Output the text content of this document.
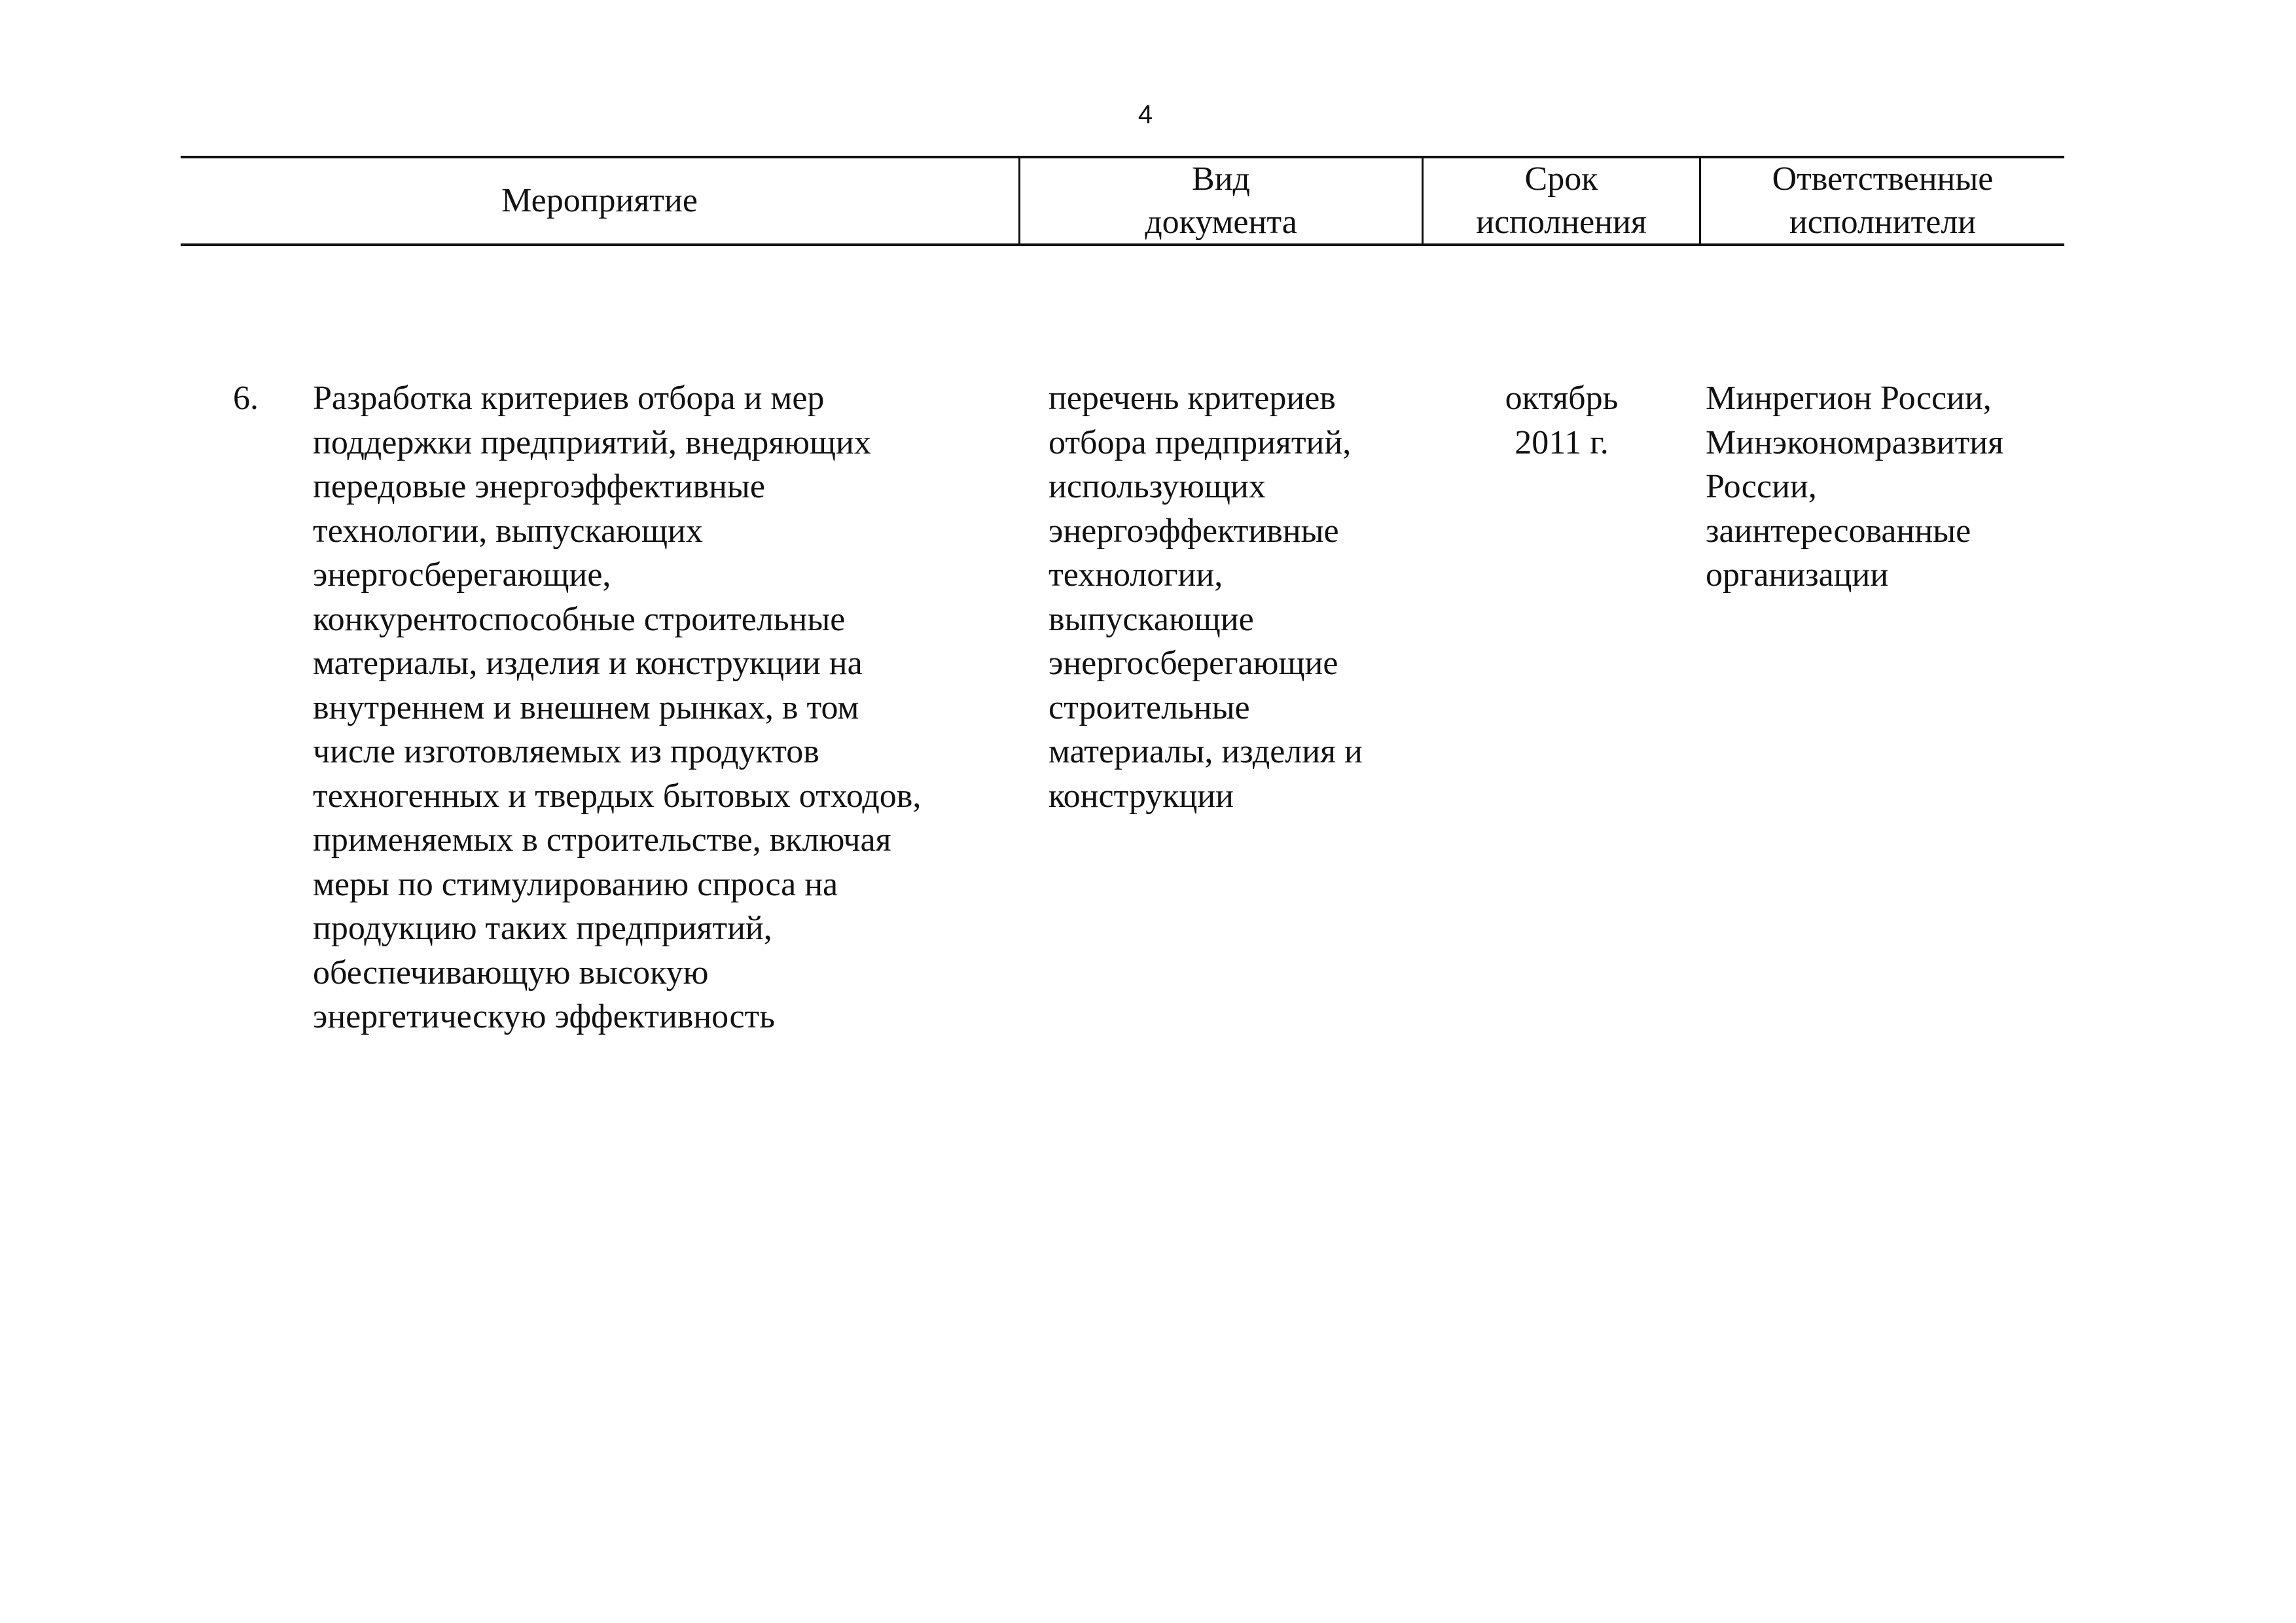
4
Мероприятие
Вид
документа
Срок
исполнения
Ответственные
исполнители
6.	Разработка критериев отбора и мер
поддержки предприятий, внедряющих
передовые энергоэффективные
технологии, выпускающих
энергосберегающие,
конкурентоспособные строительные
материалы, изделия и конструкции на
внутреннем и внешнем рынках, в том
числе изготовляемых из продуктов
техногенных и твердых бытовых отходов,
применяемых в строительстве, включая
меры по стимулированию спроса на
продукцию таких предприятий,
обеспечивающую высокую
энергетическую эффективность
перечень критериев
отбора предприятий,
использующих
энергоэффективные
технологии,
выпускающие
энергосберегающие
строительные
материалы, изделия и
конструкции
октябрь
2011 г.
Минрегион России,
Минэкономразвития
России,
заинтересованные
организации
